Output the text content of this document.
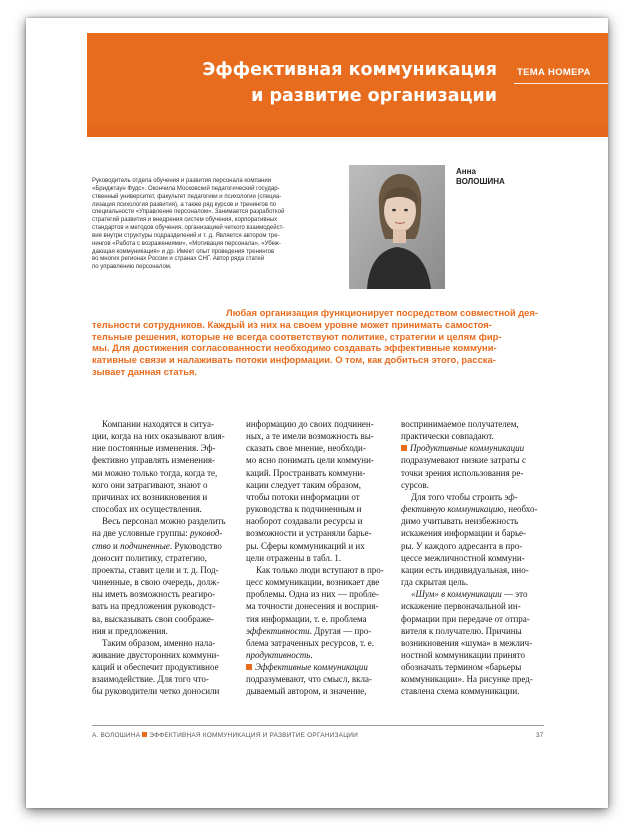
Эффективная коммуникация
и развитие организации
ТЕМА НОМЕРА
Анна
ВОЛОШИНА
Руководитель отдела обучения и развития персонала компании
«Бриджтаун Фудс». Окончила Московский педагогический государ-
ственный университет, факультет педагогики и психологии (специа-
лизация психология развития), а также ряд курсов и тренингов по
специальности «Управление персоналом». Занимается разработкой
стратегий развития и внедрения систем обучения, корпоративных
стандартов и методов обучения, организацией четкого взаимодейст-
вия внутри структуры подразделений и т. д. Является автором тре-
нингов «Работа с возражениями», «Мотивация персонала», «Убеж-
дающая коммуникация» и др. Имеет опыт проведения тренингов
во многих регионах России и странах СНГ. Автор ряда статей
по управлению персоналом.
Любая организация функционирует посредством совместной дея-
тельности сотрудников. Каждый из них на своем уровне может принимать самостоя-
тельные решения, которые не всегда соответствуют политике, стратегии и целям фир-
мы. Для достижения согласованности необходимо создавать эффективные коммуни-
кативные связи и налаживать потоки информации. О том, как добиться этого, расска-
зывает данная статья.
Компании находятся в ситуа-
ции, когда на них оказывают влия-
ние постоянные изменения. Эф-
фективно управлять изменения-
ми можно только тогда, когда те,
кого они затрагивают, знают о
причинах их возникновения и
способах их осуществления.
Весь персонал можно разделить
на две условные группы: руковод-
ство и подчиненные. Руководство
доносит политику, стратегию,
проекты, ставит цели и т. д. Под-
чиненные, в свою очередь, долж-
ны иметь возможность реагиро-
вать на предложения руководст-
ва, высказывать свои соображе-
ния и предложения.
Таким образом, именно нала-
живание двусторонних коммуни-
каций и обеспечит продуктивное
взаимодействие. Для того что-
бы руководители четко доносили
информацию до своих подчинен-
ных, а те имели возможность вы-
сказать свое мнение, необходи-
мо ясно понимать цели коммуни-
каций. Простраивать коммуни-
кации следует таким образом,
чтобы потоки информации от
руководства к подчиненным и
наоборот создавали ресурсы и
возможности и устраняли барье-
ры. Сферы коммуникаций и их
цели отражены в табл. 1.
Как только люди вступают в про-
цесс коммуникации, возникает две
проблемы. Одна из них — пробле-
ма точности донесения и восприя-
тия информации, т. е. проблема
эффективности. Другая — про-
блема затраченных ресурсов, т. е.
продуктивность.
Эффективные коммуникации
подразумевают, что смысл, вкла-
дываемый автором, и значение,
воспринимаемое получателем,
практически совпадают.
Продуктивные коммуникации
подразумевают низкие затраты с
точки зрения использования ре-
сурсов.
Для того чтобы строить эф-
фективную коммуникацию, необхо-
димо учитывать неизбежность
искажения информации и барье-
ры. У каждого адресанта в про-
цессе межличностной коммуни-
кации есть индивидуальная, ино-
гда скрытая цель.
«Шум» в коммуникации — это
искажение первоначальной ин-
формации при передаче от отпра-
вителя к получателю. Причины
возникновения «шума» в межлич-
ностной коммуникации принято
обозначать термином «барьеры
коммуникации». На рисунке пред-
ставлена схема коммуникации.
А. ВОЛОШИНА ЭФФЕКТИВНАЯ КОММУНИКАЦИЯ И РАЗВИТИЕ ОРГАНИЗАЦИИ	37
